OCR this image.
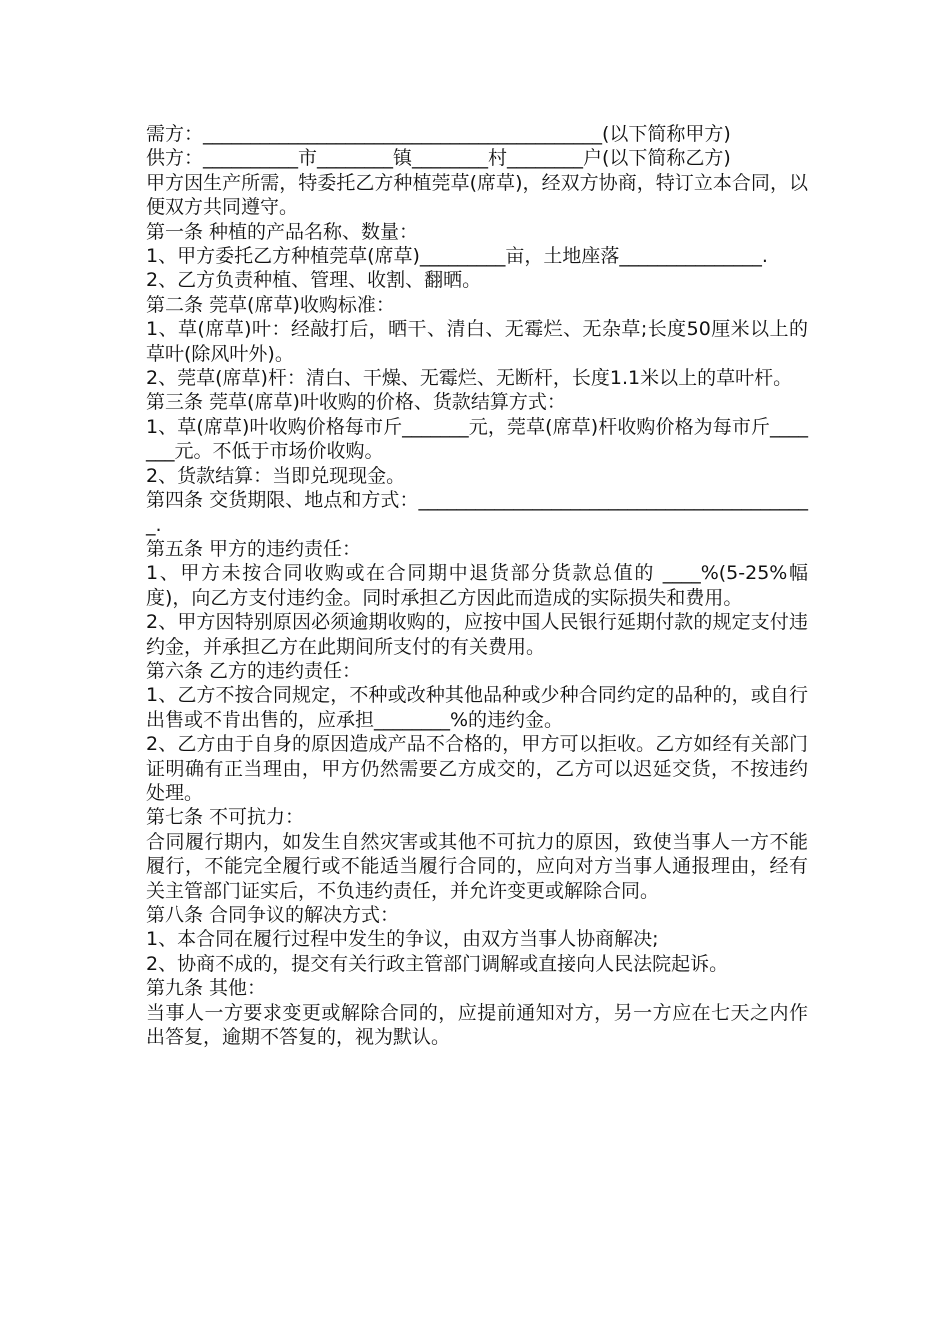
需方：__________________________________________(以下简称甲方)

供方：__________市________镇________村________户(以下简称乙方)

甲方因生产所需，特委托乙方种植莞草(席草)，经双方协商，特订立本合同，以便双方共同遵守。

第一条 种植的产品名称、数量：

1、甲方委托乙方种植莞草(席草)_________亩，土地座落_______________.

2、乙方负责种植、管理、收割、翻晒。

第二条 莞草(席草)收购标准：

1、草(席草)叶：经敲打后，晒干、清白、无霉烂、无杂草;长度50厘米以上的草叶(除风叶外)。

2、莞草(席草)杆：清白、干燥、无霉烂、无断杆，长度1.1米以上的草叶杆。

第三条 莞草(席草)叶收购的价格、货款结算方式：

1、草(席草)叶收购价格每市斤_______元，莞草(席草)杆收购价格为每市斤_______元。不低于市场价收购。

2、货款结算：当即兑现现金。

第四条 交货期限、地点和方式：__________________________________________.

第五条 甲方的违约责任：

1、甲方未按合同收购或在合同期中退货部分货款总值的 ____%(5-25%幅度)，向乙方支付违约金。同时承担乙方因此而造成的实际损失和费用。

2、甲方因特别原因必须逾期收购的，应按中国人民银行延期付款的规定支付违约金，并承担乙方在此期间所支付的有关费用。

第六条 乙方的违约责任：

1、乙方不按合同规定，不种或改种其他品种或少种合同约定的品种的，或自行出售或不肯出售的，应承担________%的违约金。

2、乙方由于自身的原因造成产品不合格的，甲方可以拒收。乙方如经有关部门证明确有正当理由，甲方仍然需要乙方成交的，乙方可以迟延交货，不按违约处理。

第七条 不可抗力：

合同履行期内，如发生自然灾害或其他不可抗力的原因，致使当事人一方不能履行，不能完全履行或不能适当履行合同的，应向对方当事人通报理由，经有关主管部门证实后，不负违约责任，并允许变更或解除合同。

第八条 合同争议的解决方式：

1、本合同在履行过程中发生的争议，由双方当事人协商解决;

2、协商不成的，提交有关行政主管部门调解或直接向人民法院起诉。

第九条 其他：

当事人一方要求变更或解除合同的，应提前通知对方，另一方应在七天之内作出答复，逾期不答复的，视为默认。
